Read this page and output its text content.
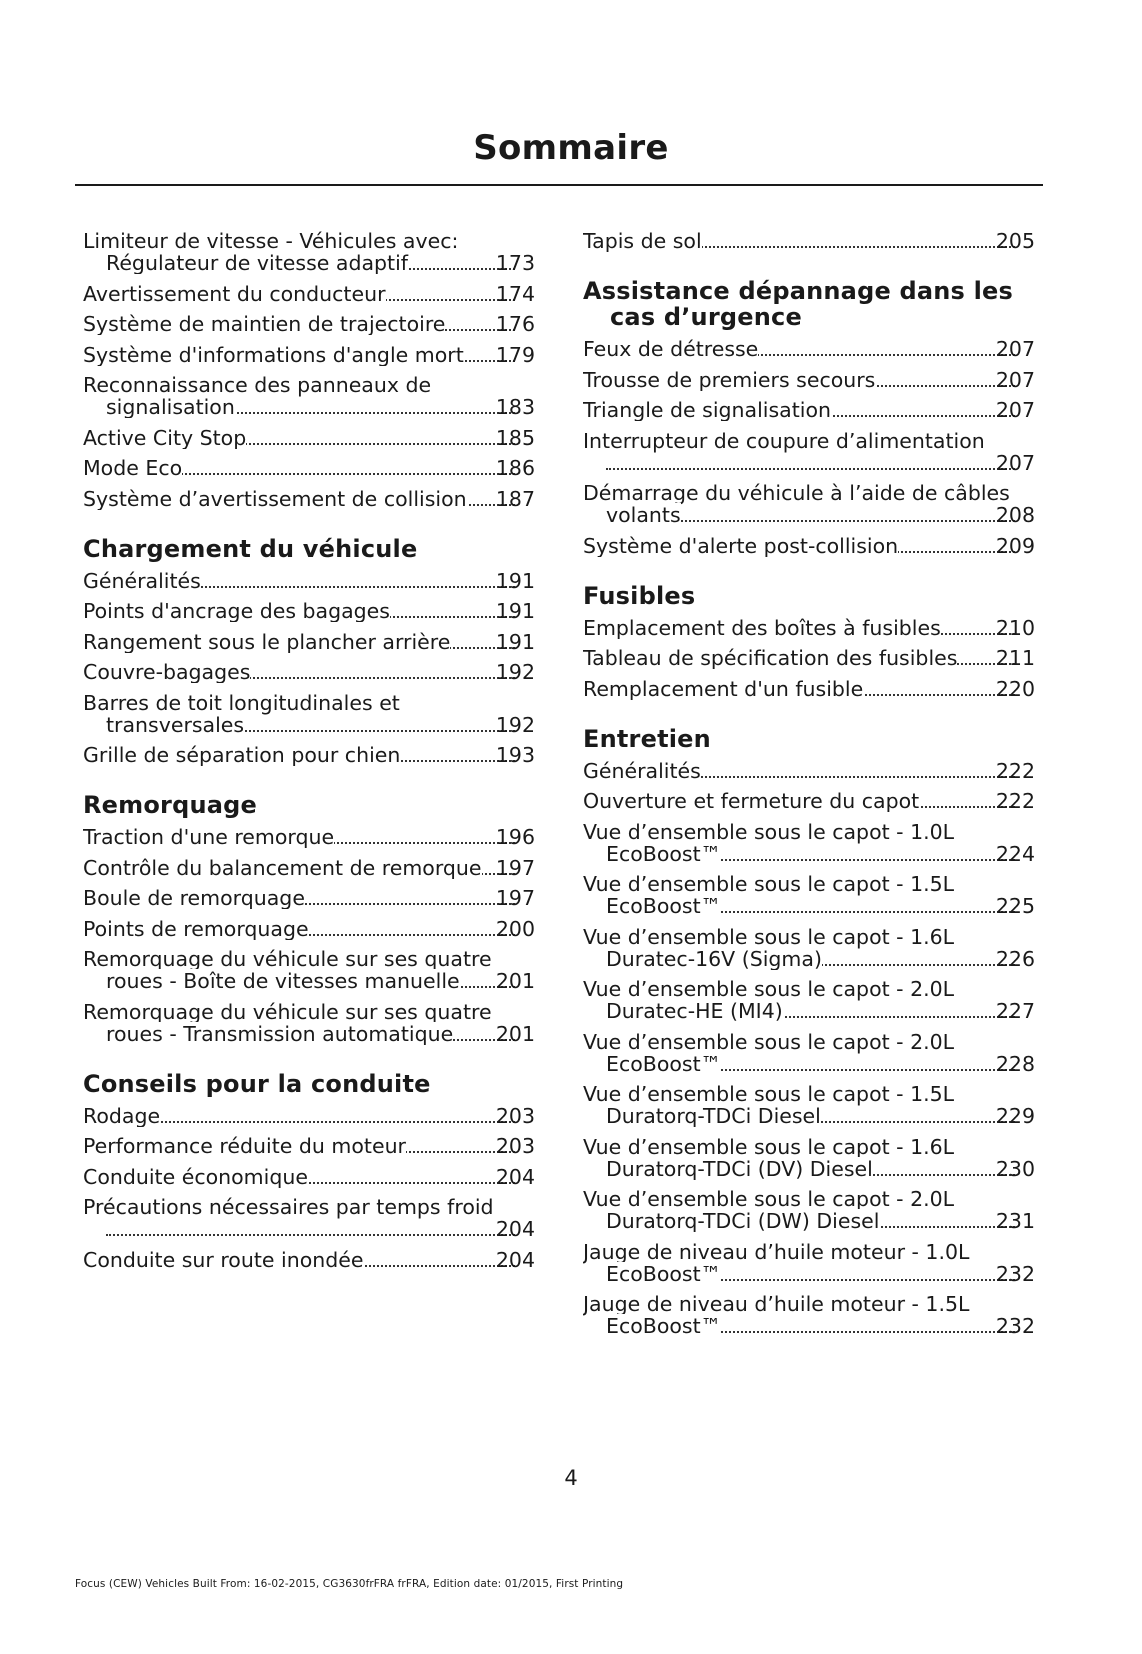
Sommaire
Limiteur de vitesse - Véhicules avec: Régulateur de vitesse adaptif	173
Avertissement du conducteur	174
Système de maintien de trajectoire 176
Système d'informations d'angle mort 179
Reconnaissance des panneaux de signalisation	183
Active City Stop	185
Mode Eco	186
Système d’avertissement de collision 187
Chargement du véhicule
Généralités	191
Points d'ancrage des bagages	191
Rangement sous le plancher arrière 191
Couvre-bagages	192
Barres de toit longitudinales et transversales	192
Grille de séparation pour chien	193
Remorquage
Traction d'une remorque	196
Contrôle du balancement de remorque 197
Boule de remorquage	197
Points de remorquage	200
Remorquage du véhicule sur ses quatre roues - Boîte de vitesses manuelle 201
Remorquage du véhicule sur ses quatre roues - Transmission automatique 201
Conseils pour la conduite
Rodage	203
Performance réduite du moteur	203
Conduite économique	204
Précautions nécessaires par temps froid
204
Conduite sur route inondée	204
Tapis de sol	205
Assistance dépannage dans les cas d’urgence
Feux de détresse	207
Trousse de premiers secours	207
Triangle de signalisation	207
Interrupteur de coupure d’alimentation
207
Démarrage du véhicule à l’aide de câbles volants	208
Système d'alerte post-collision	209
Fusibles
Emplacement des boîtes à fusibles	210
Tableau de spécification des fusibles 211
Remplacement d'un fusible	220
Entretien
Généralités	222
Ouverture et fermeture du capot	222
Vue d’ensemble sous le capot - 1.0L EcoBoost™	224
Vue d’ensemble sous le capot - 1.5L EcoBoost™	225
Vue d’ensemble sous le capot - 1.6L Duratec-16V (Sigma)	226
Vue d’ensemble sous le capot - 2.0L Duratec-HE (MI4)	227
Vue d’ensemble sous le capot - 2.0L EcoBoost™	228
Vue d’ensemble sous le capot - 1.5L Duratorq-TDCi Diesel	229
Vue d’ensemble sous le capot - 1.6L Duratorq-TDCi (DV) Diesel	230
Vue d’ensemble sous le capot - 2.0L Duratorq-TDCi (DW) Diesel	231
Jauge de niveau d’huile moteur - 1.0L EcoBoost™	232
Jauge de niveau d’huile moteur - 1.5L EcoBoost™	232
4
Focus (CEW) Vehicles Built From: 16-02-2015, CG3630frFRA frFRA, Edition date: 01/2015, First Printing
